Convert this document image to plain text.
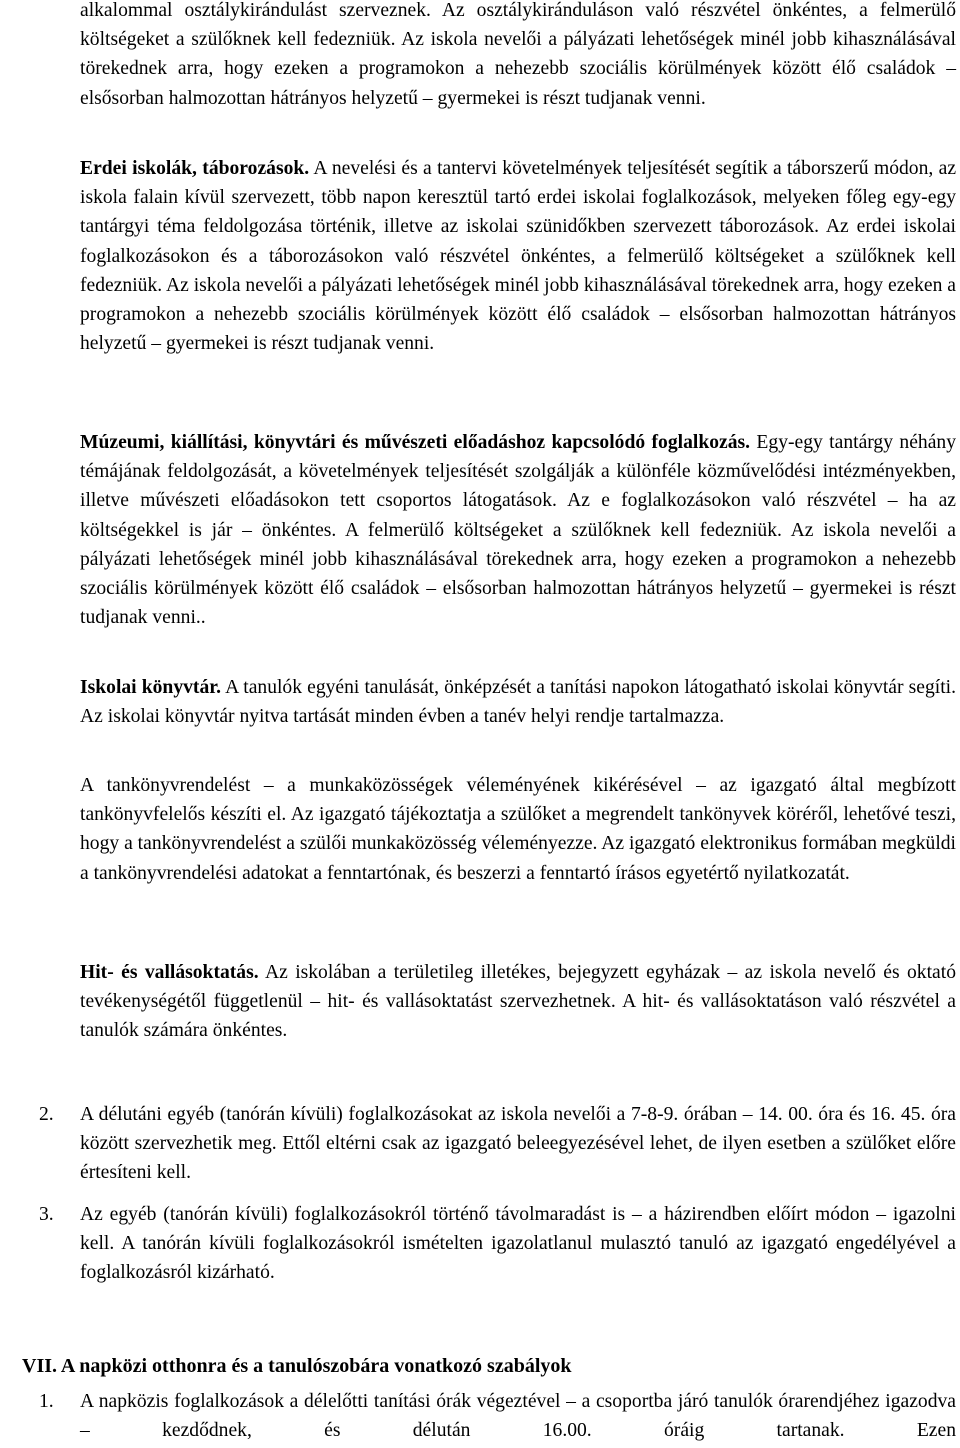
alkalommal osztálykirándulást szerveznek. Az osztálykiránduláson való részvétel önkéntes, a felmerülő költségeket a szülőknek kell fedezniük. Az iskola nevelői a pályázati lehetőségek minél jobb kihasználásával törekednek arra, hogy ezeken a programokon a nehezebb szociális körülmények között élő családok – elsősorban halmozottan hátrányos helyzetű – gyermekei is részt tudjanak venni.

Erdei iskolák, táborozások. A nevelési és a tantervi követelmények teljesítését segítik a táborszerű módon, az iskola falain kívül szervezett, több napon keresztül tartó erdei iskolai foglalkozások, melyeken főleg egy-egy tantárgyi téma feldolgozása történik, illetve az iskolai szünidőkben szervezett táborozások. Az erdei iskolai foglalkozásokon és a táborozásokon való részvétel önkéntes, a felmerülő költségeket a szülőknek kell fedezniük. Az iskola nevelői a pályázati lehetőségek minél jobb kihasználásával törekednek arra, hogy ezeken a programokon a nehezebb szociális körülmények között élő családok – elsősorban halmozottan hátrányos helyzetű – gyermekei is részt tudjanak venni.

Múzeumi, kiállítási, könyvtári és művészeti előadáshoz kapcsolódó foglalkozás. Egy-egy tantárgy néhány témájának feldolgozását, a követelmények teljesítését szolgálják a különféle közművelődési intézményekben, illetve művészeti előadásokon tett csoportos látogatások. Az e foglalkozásokon való részvétel – ha az költségekkel is jár – önkéntes. A felmerülő költségeket a szülőknek kell fedezniük. Az iskola nevelői a pályázati lehetőségek minél jobb kihasználásával törekednek arra, hogy ezeken a programokon a nehezebb szociális körülmények között élő családok – elsősorban halmozottan hátrányos helyzetű – gyermekei is részt tudjanak venni..

Iskolai könyvtár. A tanulók egyéni tanulását, önképzését a tanítási napokon látogatható iskolai könyvtár segíti. Az iskolai könyvtár nyitva tartását minden évben a tanév helyi rendje tartalmazza.

A tankönyvrendelést – a munkaközösségek véleményének kikérésével – az igazgató által megbízott tankönyvfelelős készíti el. Az igazgató tájékoztatja a szülőket a megrendelt tankönyvek köréről, lehetővé teszi, hogy a tankönyvrendelést a szülői munkaközösség véleményezze. Az igazgató elektronikus formában megküldi a tankönyvrendelési adatokat a fenntartónak, és beszerzi a fenntartó írásos egyetértő nyilatkozatát.

Hit- és vallásoktatás. Az iskolában a területileg illetékes, bejegyzett egyházak – az iskola nevelő és oktató tevékenységétől függetlenül – hit- és vallásoktatást szervezhetnek. A hit- és vallásoktatáson való részvétel a tanulók számára önkéntes.

2. A délutáni egyéb (tanórán kívüli) foglalkozásokat az iskola nevelői a 7-8-9. órában – 14. 00. óra és 16. 45. óra között szervezhetik meg. Ettől eltérni csak az igazgató beleegyezésével lehet, de ilyen esetben a szülőket előre értesíteni kell.

3. Az egyéb (tanórán kívüli) foglalkozásokról történő távolmaradást is – a házirendben előírt módon – igazolni kell. A tanórán kívüli foglalkozásokról ismételten igazolatlanul mulasztó tanuló az igazgató engedélyével a foglalkozásról kizárható.

VII. A napközi otthonra és a tanulószobára vonatkozó szabályok

1. A napközis foglalkozások a délelőtti tanítási órák végeztével – a csoportba járó tanulók órarendjéhez igazodva – kezdődnek, és délután 16.00. óráig tartanak. Ezen
